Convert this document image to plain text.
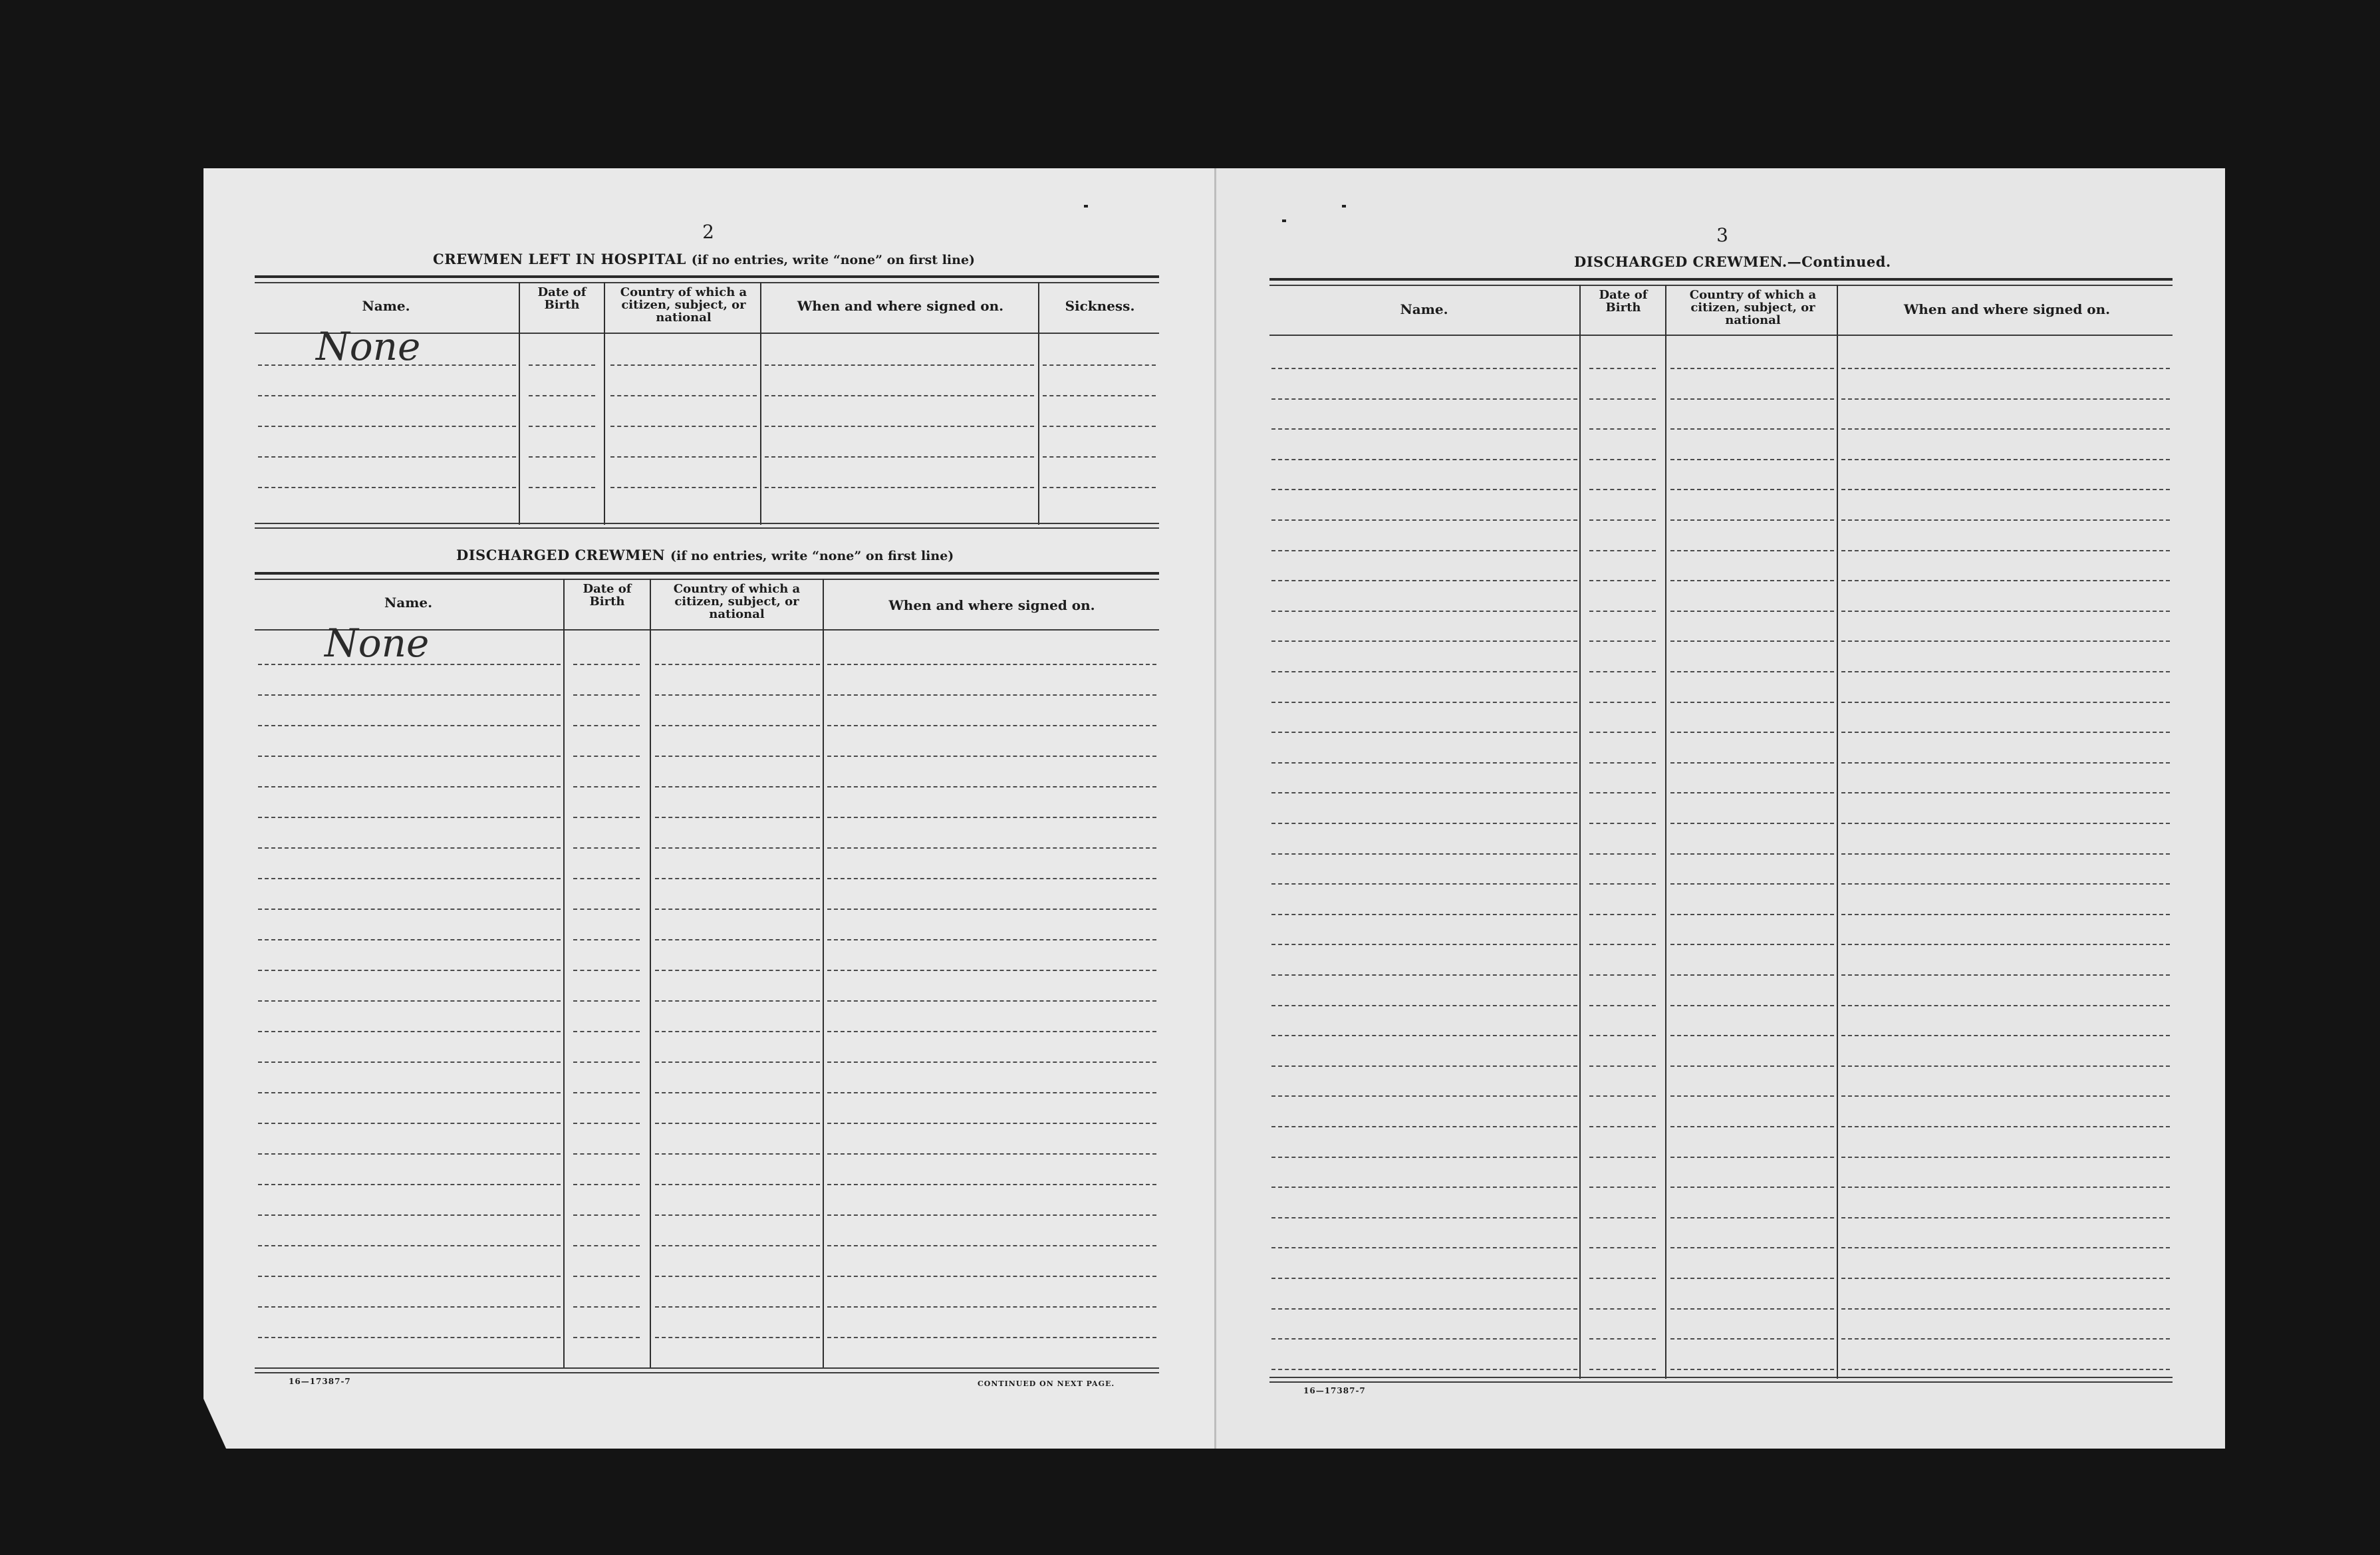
2
CREWMEN LEFT IN HOSPITAL (if no entries, write “none” on first line)
Name.
Date of Birth
Country of which a citizen, subject, or national
When and where signed on.	Sickness.
None
DISCHARGED CREWMEN (if no entries, write “none” on first line)
Name.
Date of Birth
Country of which a citizen, subject, or national
When and where signed on.
None
16—17387-7	CONTINUED ON NEXT PAGE.
3
DISCHARGED CREWMEN.—Continued.
Name.
Date of Birth
Country of which a citizen, subject, or national
When and where signed on.
16—17387-7
